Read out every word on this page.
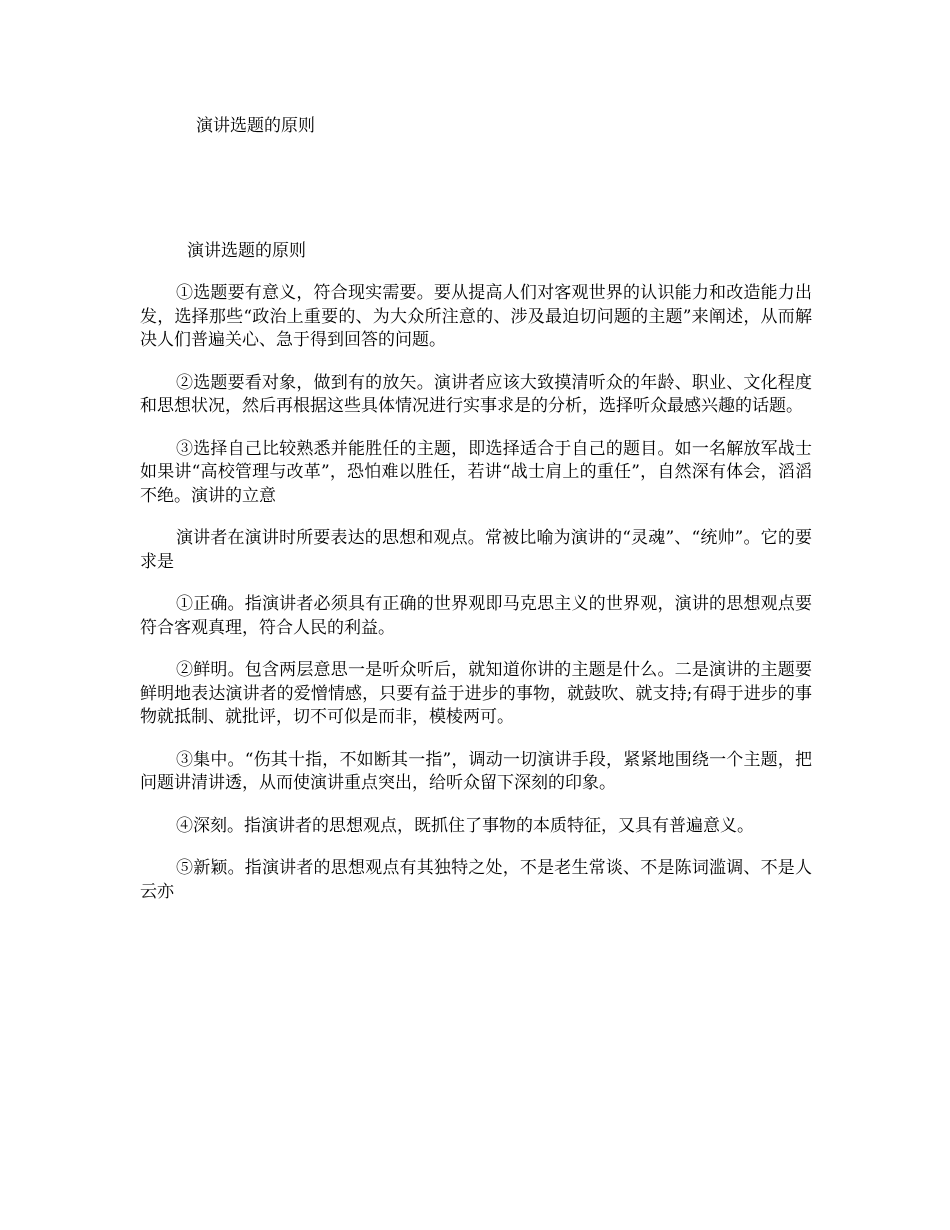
演讲选题的原则

演讲选题的原则

①选题要有意义，符合现实需要。要从提高人们对客观世界的认识能力和改造能力出发，选择那些“政治上重要的、为大众所注意的、涉及最迫切问题的主题”来阐述，从而解决人们普遍关心、急于得到回答的问题。

②选题要看对象，做到有的放矢。演讲者应该大致摸清听众的年龄、职业、文化程度和思想状况，然后再根据这些具体情况进行实事求是的分析，选择听众最感兴趣的话题。

③选择自己比较熟悉并能胜任的主题，即选择适合于自己的题目。如一名解放军战士如果讲“高校管理与改革”，恐怕难以胜任，若讲“战士肩上的重任”，自然深有体会，滔滔不绝。演讲的立意

演讲者在演讲时所要表达的思想和观点。常被比喻为演讲的“灵魂”、“统帅”。它的要求是

①正确。指演讲者必须具有正确的世界观即马克思主义的世界观，演讲的思想观点要符合客观真理，符合人民的利益。

②鲜明。包含两层意思一是听众听后，就知道你讲的主题是什么。二是演讲的主题要鲜明地表达演讲者的爱憎情感，只要有益于进步的事物，就鼓吹、就支持;有碍于进步的事物就抵制、就批评，切不可似是而非，模棱两可。

③集中。“伤其十指，不如断其一指”，调动一切演讲手段，紧紧地围绕一个主题，把问题讲清讲透，从而使演讲重点突出，给听众留下深刻的印象。

④深刻。指演讲者的思想观点，既抓住了事物的本质特征，又具有普遍意义。

⑤新颖。指演讲者的思想观点有其独特之处，不是老生常谈、不是陈词滥调、不是人云亦
